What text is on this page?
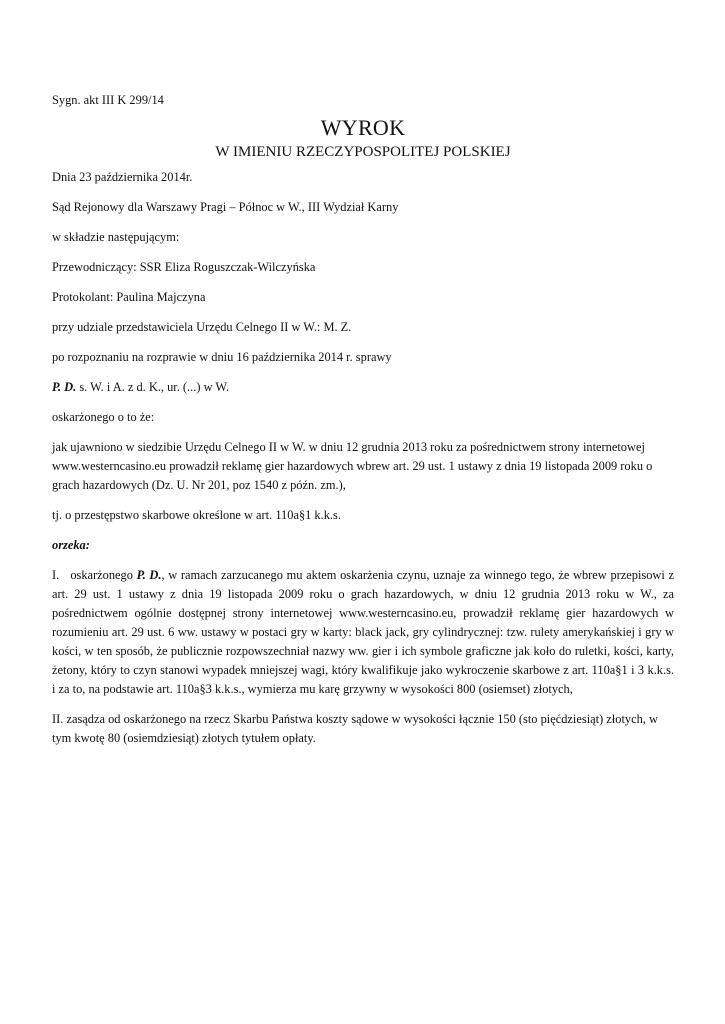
Sygn. akt III K 299/14
WYROK
W IMIENIU RZECZYPOSPOLITEJ POLSKIEJ
Dnia 23 października 2014r.
Sąd Rejonowy dla Warszawy Pragi – Północ w W., III Wydział Karny
w składzie następującym:
Przewodniczący: SSR Eliza Roguszczak-Wilczyńska
Protokolant: Paulina Majczyna
przy udziale przedstawiciela Urzędu Celnego II w W.: M. Z.
po rozpoznaniu na rozprawie w dniu 16 października 2014 r. sprawy
P. D. s. W. i A. z d. K., ur. (...) w W.
oskarżonego o to że:
jak ujawniono w siedzibie Urzędu Celnego II w W. w dniu 12 grudnia 2013 roku za pośrednictwem strony internetowej www.westerncasino.eu prowadził reklamę gier hazardowych wbrew art. 29 ust. 1 ustawy z dnia 19 listopada 2009 roku o grach hazardowych (Dz. U. Nr 201, poz 1540 z późn. zm.),
tj. o przestępstwo skarbowe określone w art. 110a§1 k.k.s.
orzeka:
I. oskarżonego P. D., w ramach zarzucanego mu aktem oskarżenia czynu, uznaje za winnego tego, że wbrew przepisowi z art. 29 ust. 1 ustawy z dnia 19 listopada 2009 roku o grach hazardowych, w dniu 12 grudnia 2013 roku w W., za pośrednictwem ogólnie dostępnej strony internetowej www.westerncasino.eu, prowadził reklamę gier hazardowych w rozumieniu art. 29 ust. 6 ww. ustawy w postaci gry w karty: black jack, gry cylindrycznej: tzw. rulety amerykańskiej i gry w kości, w ten sposób, że publicznie rozpowszechniał nazwy ww. gier i ich symbole graficzne jak koło do ruletki, kości, karty, żetony, który to czyn stanowi wypadek mniejszej wagi, który kwalifikuje jako wykroczenie skarbowe z art. 110a§1 i 3 k.k.s. i za to, na podstawie art. 110a§3 k.k.s., wymierza mu karę grzywny w wysokości 800 (osiemset) złotych,
II. zasądza od oskarżonego na rzecz Skarbu Państwa koszty sądowe w wysokości łącznie 150 (sto pięćdziesiąt) złotych, w tym kwotę 80 (osiemdziesiąt) złotych tytułem opłaty.
